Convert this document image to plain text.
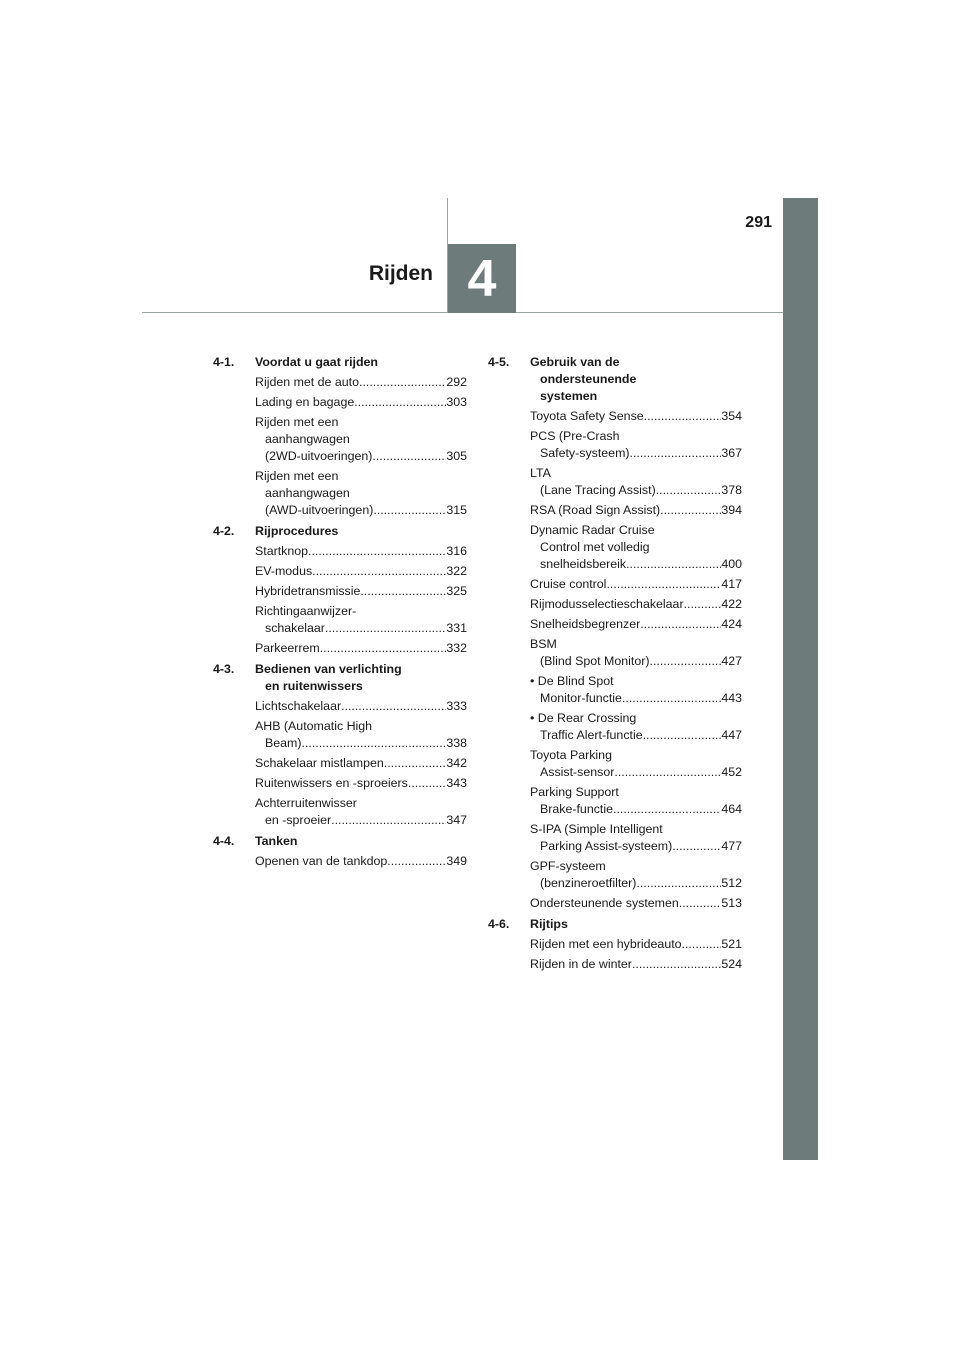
291
4
Rijden
4-1.	Voordat u gaat rijden
Rijden met de auto .....	292
Lading en bagage .....	303
Rijden met een
aanhangwagen
(2WD-uitvoeringen) .....	305
Rijden met een
aanhangwagen
(AWD-uitvoeringen) .....	315
4-2.	Rijprocedures
Startknop .....	316
EV-modus .....	322
Hybridetransmissie .....	325
Richtingaanwijzer-
schakelaar .....	331
Parkeerrem .....	332
4-3.	Bedienen van verlichting
en ruitenwissers
Lichtschakelaar .....	333
AHB (Automatic High
Beam) .....	338
Schakelaar mistlampen .....	342
Ruitenwissers en -sproeiers .....	343
Achterruitenwisser
en -sproeier .....	347
4-4.	Tanken
Openen van de tankdop .....	349
4-5.	Gebruik van de
ondersteunende
systemen
Toyota Safety Sense .....	354
PCS (Pre-Crash
Safety-systeem) .....	367
LTA
(Lane Tracing Assist) .....	378
RSA (Road Sign Assist) .....	394
Dynamic Radar Cruise
Control met volledig
snelheidsbereik .....	400
Cruise control .....	417
Rijmodusselectieschakelaar .....	422
Snelheidsbegrenzer .....	424
BSM
(Blind Spot Monitor) .....	427
• De Blind Spot
Monitor-functie .....	443
• De Rear Crossing
Traffic Alert-functie .....	447
Toyota Parking
Assist-sensor .....	452
Parking Support
Brake-functie .....	464
S-IPA (Simple Intelligent
Parking Assist-systeem) .....	477
GPF-systeem
(benzineroetfilter) .....	512
Ondersteunende systemen .....	513
4-6.	Rijtips
Rijden met een hybrideauto .....	521
Rijden in de winter .....	524
